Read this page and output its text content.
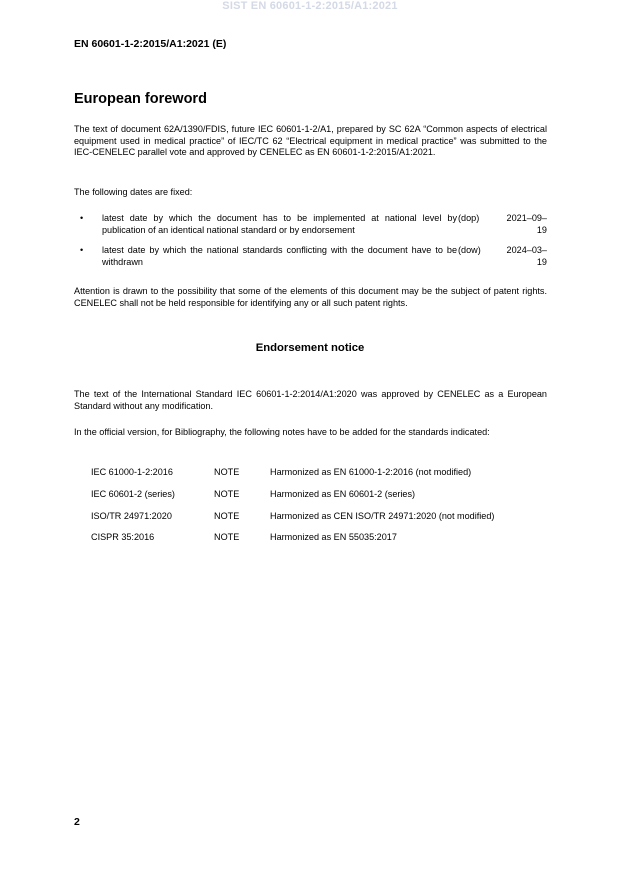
SIST EN 60601-1-2:2015/A1:2021
EN 60601-1-2:2015/A1:2021 (E)
European foreword
The text of document 62A/1390/FDIS, future IEC 60601-1-2/A1, prepared by SC 62A “Common aspects of electrical equipment used in medical practice” of IEC/TC 62 “Electrical equipment in medical practice” was submitted to the IEC-CENELEC parallel vote and approved by CENELEC as EN 60601-1-2:2015/A1:2021.
The following dates are fixed:
• latest date by which the document has to be implemented at national level by publication of an identical national standard or by endorsement
(dop)	2021–09–19
• latest date by which the national standards conflicting with the document have to be withdrawn
(dow)	2024–03–19
Attention is drawn to the possibility that some of the elements of this document may be the subject of patent rights. CENELEC shall not be held responsible for identifying any or all such patent rights.
Endorsement notice
The text of the International Standard IEC 60601-1-2:2014/A1:2020 was approved by CENELEC as a European Standard without any modification.
In the official version, for Bibliography, the following notes have to be added for the standards indicated:
IEC 61000-1-2:2016	NOTE	Harmonized as EN 61000-1-2:2016 (not modified)
IEC 60601-2 (series)	NOTE	Harmonized as EN 60601-2 (series)
ISO/TR 24971:2020	NOTE	Harmonized as CEN ISO/TR 24971:2020 (not modified)
CISPR 35:2016	NOTE	Harmonized as EN 55035:2017
2
